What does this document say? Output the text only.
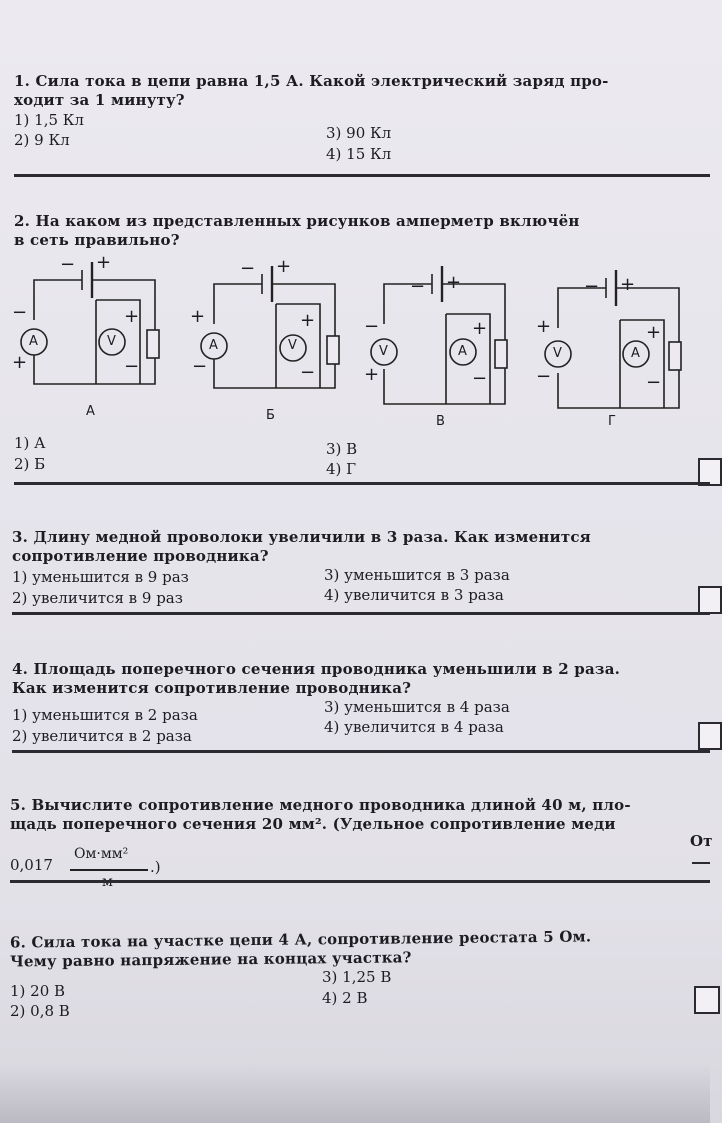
1. Сила тока в цепи равна 1,5 А. Какой электрический заряд про-
ходит за 1 минуту?
1) 1,5 Кл
2) 9 Кл	3) 90 Кл
4) 15 Кл
2. На каком из представленных рисунков амперметр включён
в сеть правильно?
A	V
− +
−
+
+
−
А
A	V
− +
+
−
+
−
Б
V	A
− +
−
+
+
−
В
V	A
− +
+
−
+
−
Г
1) А
2) Б
3) В
4) Г
3. Длину медной проволоки увеличили в 3 раза. Как изменится
сопротивление проводника?
1) уменьшится в 9 раз
2) увеличится в 9 раз
3) уменьшится в 3 раза
4) увеличится в 3 раза
4. Площадь поперечного сечения проводника уменьшили в 2 раза.
Как изменится сопротивление проводника?
1) уменьшится в 2 раза
2) увеличится в 2 раза
3) уменьшится в 4 раза
4) увеличится в 4 раза
5. Вычислите сопротивление медного проводника длиной 40 м, пло-
щадь поперечного сечения 20 мм². (Удельное сопротивление меди
0,017
Ом·мм²
.)
От
6. Сила тока на участке цепи 4 А, сопротивление реостата 5 Ом.
Чему равно напряжение на концах участка?
1) 20 В
2) 0,8 В
3) 1,25 В
4) 2 В
